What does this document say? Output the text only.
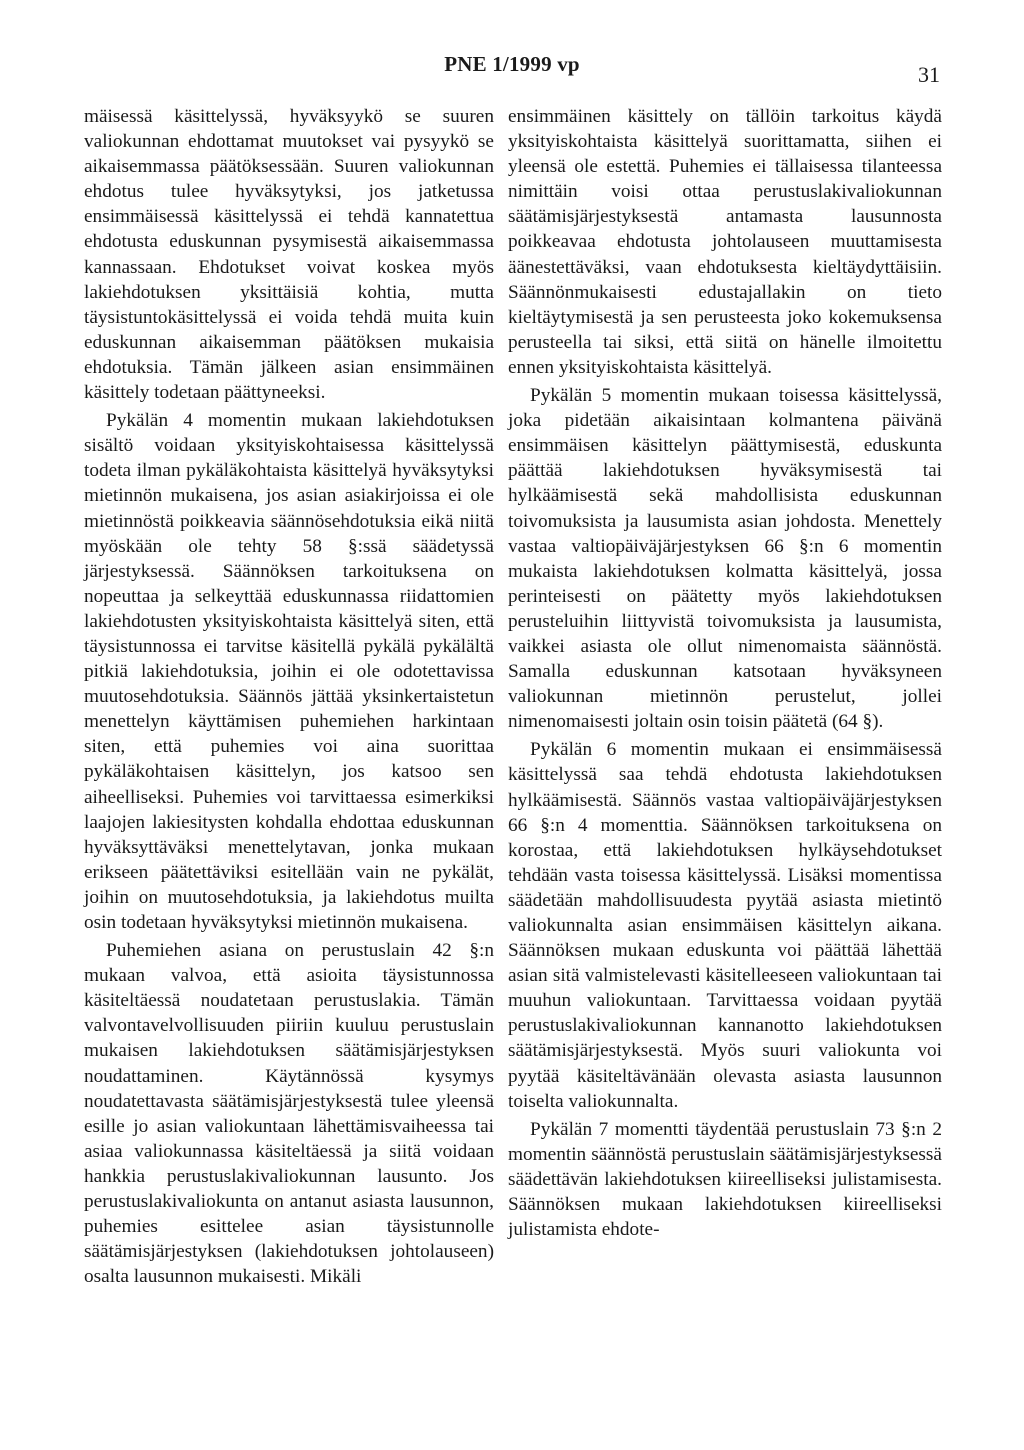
PNE 1/1999 vp	31

mäisessä käsittelyssä, hyväksyykö se suuren valiokunnan ehdottamat muutokset vai pysyykö se aikaisemmassa päätöksessään. Suuren valiokunnan ehdotus tulee hyväksytyksi, jos jatketussa ensimmäisessä käsittelyssä ei tehdä kannatettua ehdotusta eduskunnan pysymisestä aikaisemmassa kannassaan. Ehdotukset voivat koskea myös lakiehdotuksen yksittäisiä kohtia, mutta täysistuntokäsittelyssä ei voida tehdä muita kuin eduskunnan aikaisemman päätöksen mukaisia ehdotuksia. Tämän jälkeen asian ensimmäinen käsittely todetaan päättyneeksi.

Pykälän 4 momentin mukaan lakiehdotuksen sisältö voidaan yksityiskohtaisessa käsittelyssä todeta ilman pykäläkohtaista käsittelyä hyväksytyksi mietinnön mukaisena, jos asian asiakirjoissa ei ole mietinnöstä poikkeavia säännösehdotuksia eikä niitä myöskään ole tehty 58 §:ssä säädetyssä järjestyksessä. Säännöksen tarkoituksena on nopeuttaa ja selkeyttää eduskunnassa riidattomien lakiehdotusten yksityiskohtaista käsittelyä siten, että täysistunnossa ei tarvitse käsitellä pykälä pykälältä pitkiä lakiehdotuksia, joihin ei ole odotettavissa muutosehdotuksia. Säännös jättää yksinkertaistetun menettelyn käyttämisen puhemiehen harkintaan siten, että puhemies voi aina suorittaa pykäläkohtaisen käsittelyn, jos katsoo sen aiheelliseksi. Puhemies voi tarvittaessa esimerkiksi laajojen lakiesitysten kohdalla ehdottaa eduskunnan hyväksyttäväksi menettelytavan, jonka mukaan erikseen päätettäviksi esitellään vain ne pykälät, joihin on muutosehdotuksia, ja lakiehdotus muilta osin todetaan hyväksytyksi mietinnön mukaisena.

Puhemiehen asiana on perustuslain 42 §:n mukaan valvoa, että asioita täysistunnossa käsiteltäessä noudatetaan perustuslakia. Tämän valvontavelvollisuuden piiriin kuuluu perustuslain mukaisen lakiehdotuksen säätämisjärjestyksen noudattaminen. Käytännössä kysymys noudatettavasta säätämisjärjestyksestä tulee yleensä esille jo asian valiokuntaan lähettämisvaiheessa tai asiaa valiokunnassa käsiteltäessä ja siitä voidaan hankkia perustuslakivaliokunnan lausunto. Jos perustuslakivaliokunta on antanut asiasta lausunnon, puhemies esittelee asian täysistunnolle säätämisjärjestyksen (lakiehdotuksen johtolauseen) osalta lausunnon mukaisesti. Mikäli

ensimmäinen käsittely on tällöin tarkoitus käydä yksityiskohtaista käsittelyä suorittamatta, siihen ei yleensä ole estettä. Puhemies ei tällaisessa tilanteessa nimittäin voisi ottaa perustuslakivaliokunnan säätämisjärjestyksestä antamasta lausunnosta poikkeavaa ehdotusta johtolauseen muuttamisesta äänestettäväksi, vaan ehdotuksesta kieltäydyttäisiin. Säännönmukaisesti edustajallakin on tieto kieltäytymisestä ja sen perusteesta joko kokemuksensa perusteella tai siksi, että siitä on hänelle ilmoitettu ennen yksityiskohtaista käsittelyä.

Pykälän 5 momentin mukaan toisessa käsittelyssä, joka pidetään aikaisintaan kolmantena päivänä ensimmäisen käsittelyn päättymisestä, eduskunta päättää lakiehdotuksen hyväksymisestä tai hylkäämisestä sekä mahdollisista eduskunnan toivomuksista ja lausumista asian johdosta. Menettely vastaa valtiopäiväjärjestyksen 66 §:n 6 momentin mukaista lakiehdotuksen kolmatta käsittelyä, jossa perinteisesti on päätetty myös lakiehdotuksen perusteluihin liittyvistä toivomuksista ja lausumista, vaikkei asiasta ole ollut nimenomaista säännöstä. Samalla eduskunnan katsotaan hyväksyneen valiokunnan mietinnön perustelut, jollei nimenomaisesti joltain osin toisin päätetä (64 §).

Pykälän 6 momentin mukaan ei ensimmäisessä käsittelyssä saa tehdä ehdotusta lakiehdotuksen hylkäämisestä. Säännös vastaa valtiopäiväjärjestyksen 66 §:n 4 momenttia. Säännöksen tarkoituksena on korostaa, että lakiehdotuksen hylkäysehdotukset tehdään vasta toisessa käsittelyssä. Lisäksi momentissa säädetään mahdollisuudesta pyytää asiasta mietintö valiokunnalta asian ensimmäisen käsittelyn aikana. Säännöksen mukaan eduskunta voi päättää lähettää asian sitä valmistelevasti käsitelleeseen valiokuntaan tai muuhun valiokuntaan. Tarvittaessa voidaan pyytää perustuslakivaliokunnan kannanotto lakiehdotuksen säätämisjärjestyksestä. Myös suuri valiokunta voi pyytää käsiteltävänään olevasta asiasta lausunnon toiselta valiokunnalta.

Pykälän 7 momentti täydentää perustuslain 73 §:n 2 momentin säännöstä perustuslain säätämisjärjestyksessä säädettävän lakiehdotuksen kiireelliseksi julistamisesta. Säännöksen mukaan lakiehdotuksen kiireelliseksi julistamista ehdote-
